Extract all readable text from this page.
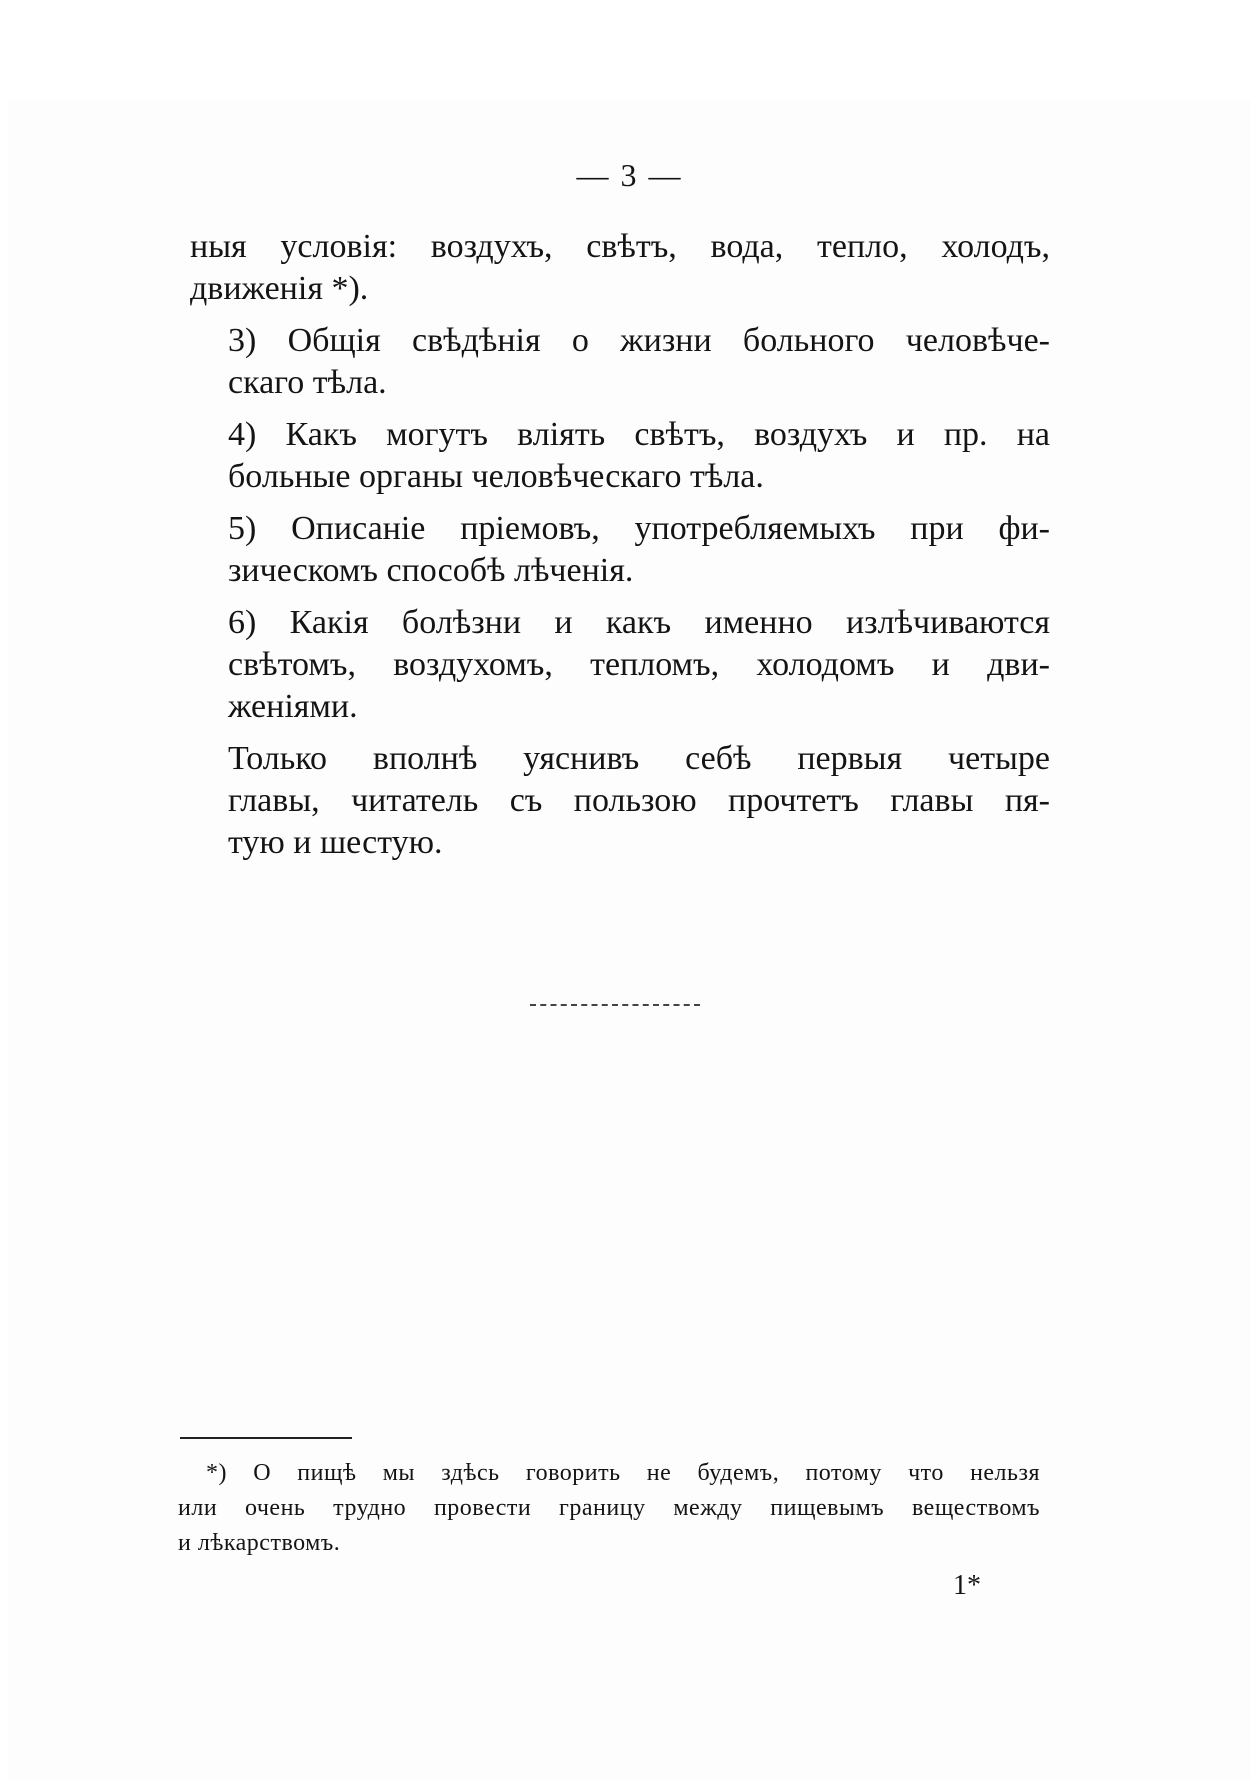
— 3 —

ныя условія: воздухъ, свѣтъ, вода, тепло, холодъ,
движенія *).

3) Общія свѣдѣнія о жизни больного человѣче-
скаго тѣла.

4) Какъ могутъ влiять свѣтъ, воздухъ и пр. на
больные органы человѣческаго тѣла.

5) Описанiе прiемовъ, употребляемыхъ при фи-
зическомъ способѣ лѣченiя.

6) Какiя болѣзни и какъ именно излѣчиваются
свѣтомъ, воздухомъ, тепломъ, холодомъ и дви-
женiями.

Только вполнѣ уяснивъ себѣ первыя четыре
главы, читатель съ пользою прочтетъ главы пя-
тую и шестую.

*) О пищѣ мы здѣсь говорить не будемъ, потому что нельзя
или очень трудно провести границу между пищевымъ веществомъ
и лѣкарствомъ.
1*
